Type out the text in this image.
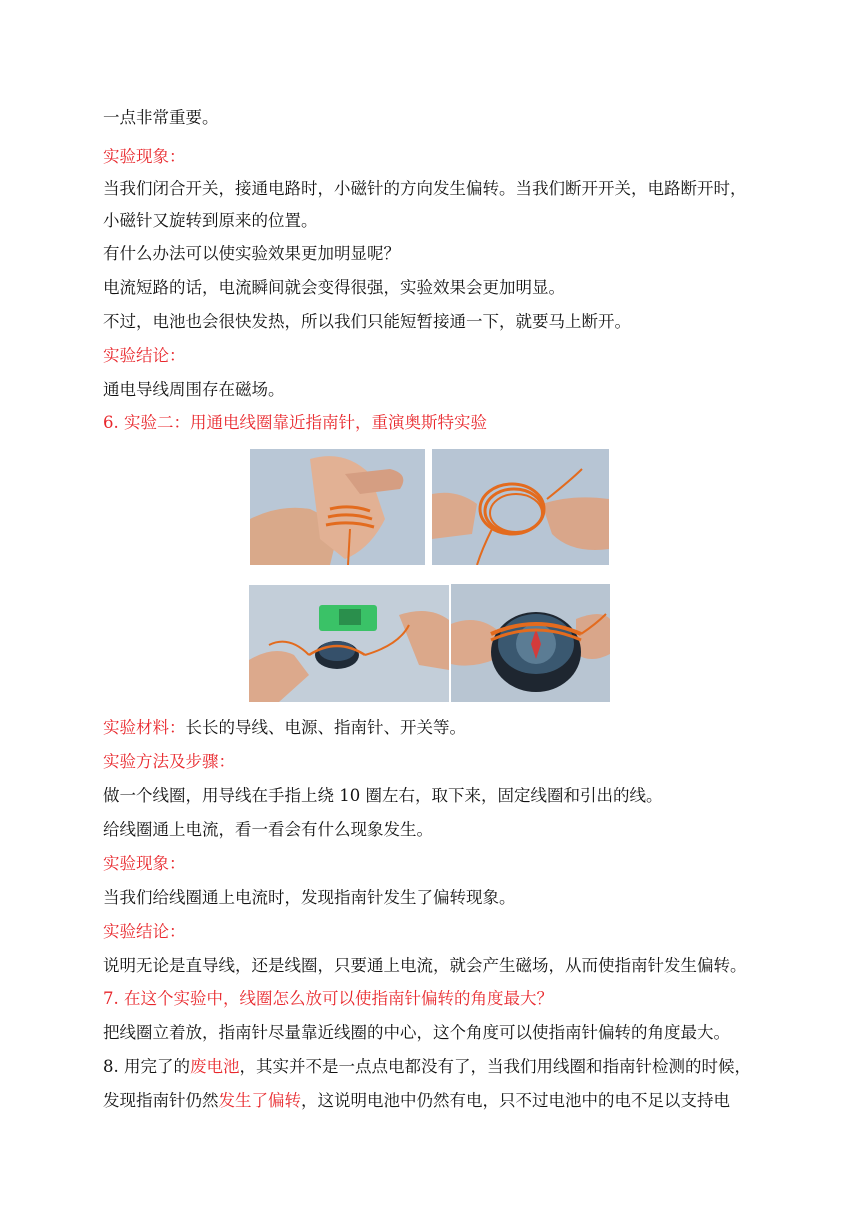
一点非常重要。
实验现象：
当我们闭合开关，接通电路时，小磁针的方向发生偏转。当我们断开开关，电路断开时，
小磁针又旋转到原来的位置。
有什么办法可以使实验效果更加明显呢？
电流短路的话，电流瞬间就会变得很强，实验效果会更加明显。
不过，电池也会很快发热，所以我们只能短暂接通一下，就要马上断开。
实验结论：
通电导线周围存在磁场。
6. 实验二：用通电线圈靠近指南针，重演奥斯特实验
实验材料：长长的导线、电源、指南针、开关等。
实验方法及步骤：
做一个线圈，用导线在手指上绕 10 圈左右，取下来，固定线圈和引出的线。
给线圈通上电流，看一看会有什么现象发生。
实验现象：
当我们给线圈通上电流时，发现指南针发生了偏转现象。
实验结论：
说明无论是直导线，还是线圈，只要通上电流，就会产生磁场，从而使指南针发生偏转。
7. 在这个实验中，线圈怎么放可以使指南针偏转的角度最大？
把线圈立着放，指南针尽量靠近线圈的中心，这个角度可以使指南针偏转的角度最大。
8. 用完了的废电池，其实并不是一点点电都没有了，当我们用线圈和指南针检测的时候，
发现指南针仍然发生了偏转，这说明电池中仍然有电，只不过电池中的电不足以支持电
